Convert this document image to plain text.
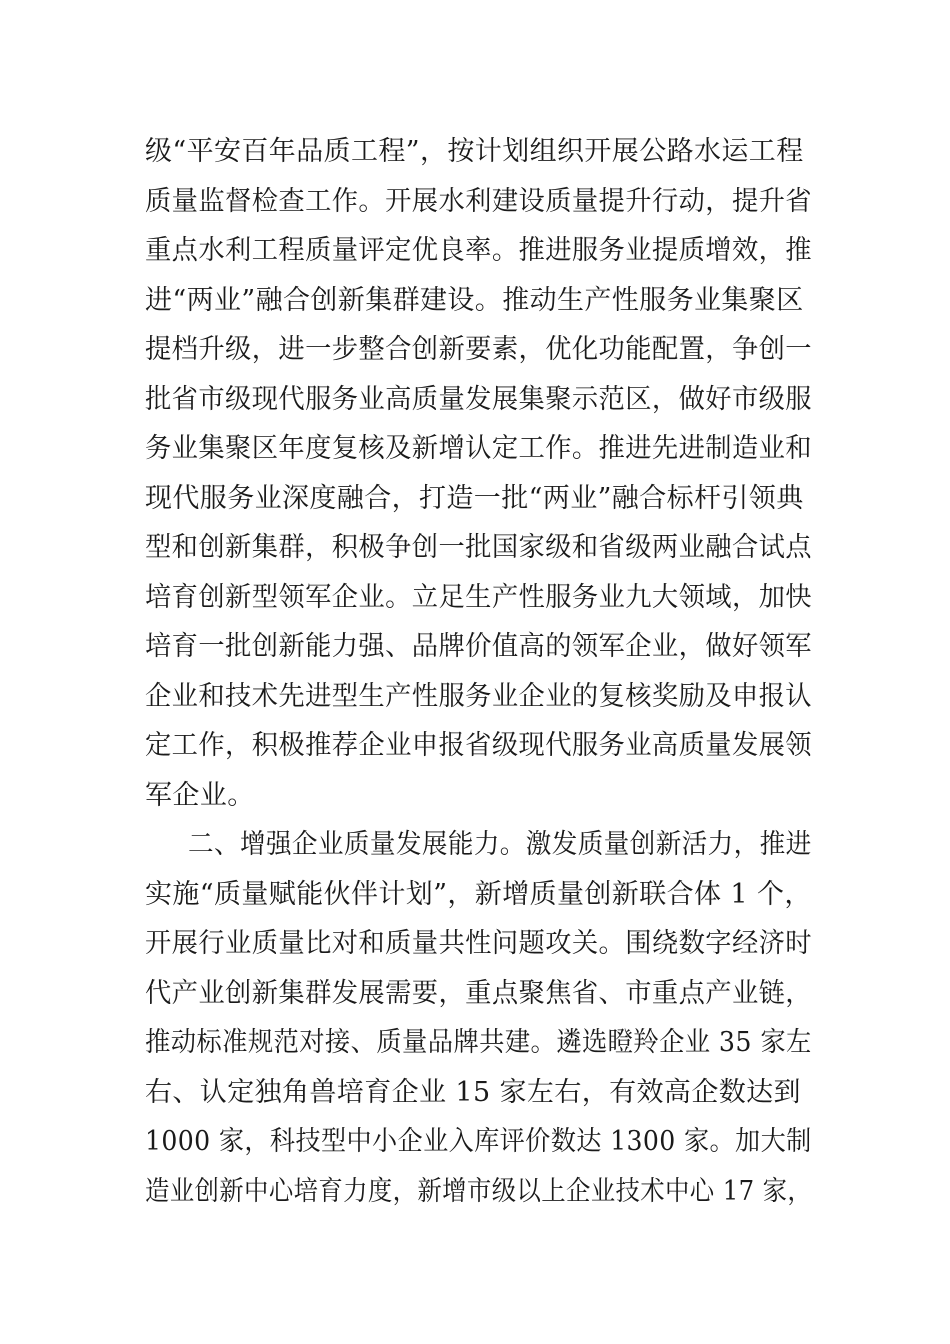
级“平安百年品质工程”，按计划组织开展公路水运工程
质量监督检查工作。开展水利建设质量提升行动，提升省
重点水利工程质量评定优良率。推进服务业提质增效，推
进“两业”融合创新集群建设。推动生产性服务业集聚区
提档升级，进一步整合创新要素，优化功能配置，争创一
批省市级现代服务业高质量发展集聚示范区，做好市级服
务业集聚区年度复核及新增认定工作。推进先进制造业和
现代服务业深度融合，打造一批“两业”融合标杆引领典
型和创新集群，积极争创一批国家级和省级两业融合试点
培育创新型领军企业。立足生产性服务业九大领域，加快
培育一批创新能力强、品牌价值高的领军企业，做好领军
企业和技术先进型生产性服务业企业的复核奖励及申报认
定工作，积极推荐企业申报省级现代服务业高质量发展领
军企业。
二、增强企业质量发展能力。激发质量创新活力，推进
实施“质量赋能伙伴计划”，新增质量创新联合体 1 个，
开展行业质量比对和质量共性问题攻关。围绕数字经济时
代产业创新集群发展需要，重点聚焦省、市重点产业链，
推动标准规范对接、质量品牌共建。遴选瞪羚企业 35 家左
右、认定独角兽培育企业 15 家左右，有效高企数达到
1000 家，科技型中小企业入库评价数达 1300 家。加大制
造业创新中心培育力度，新增市级以上企业技术中心 17 家，
